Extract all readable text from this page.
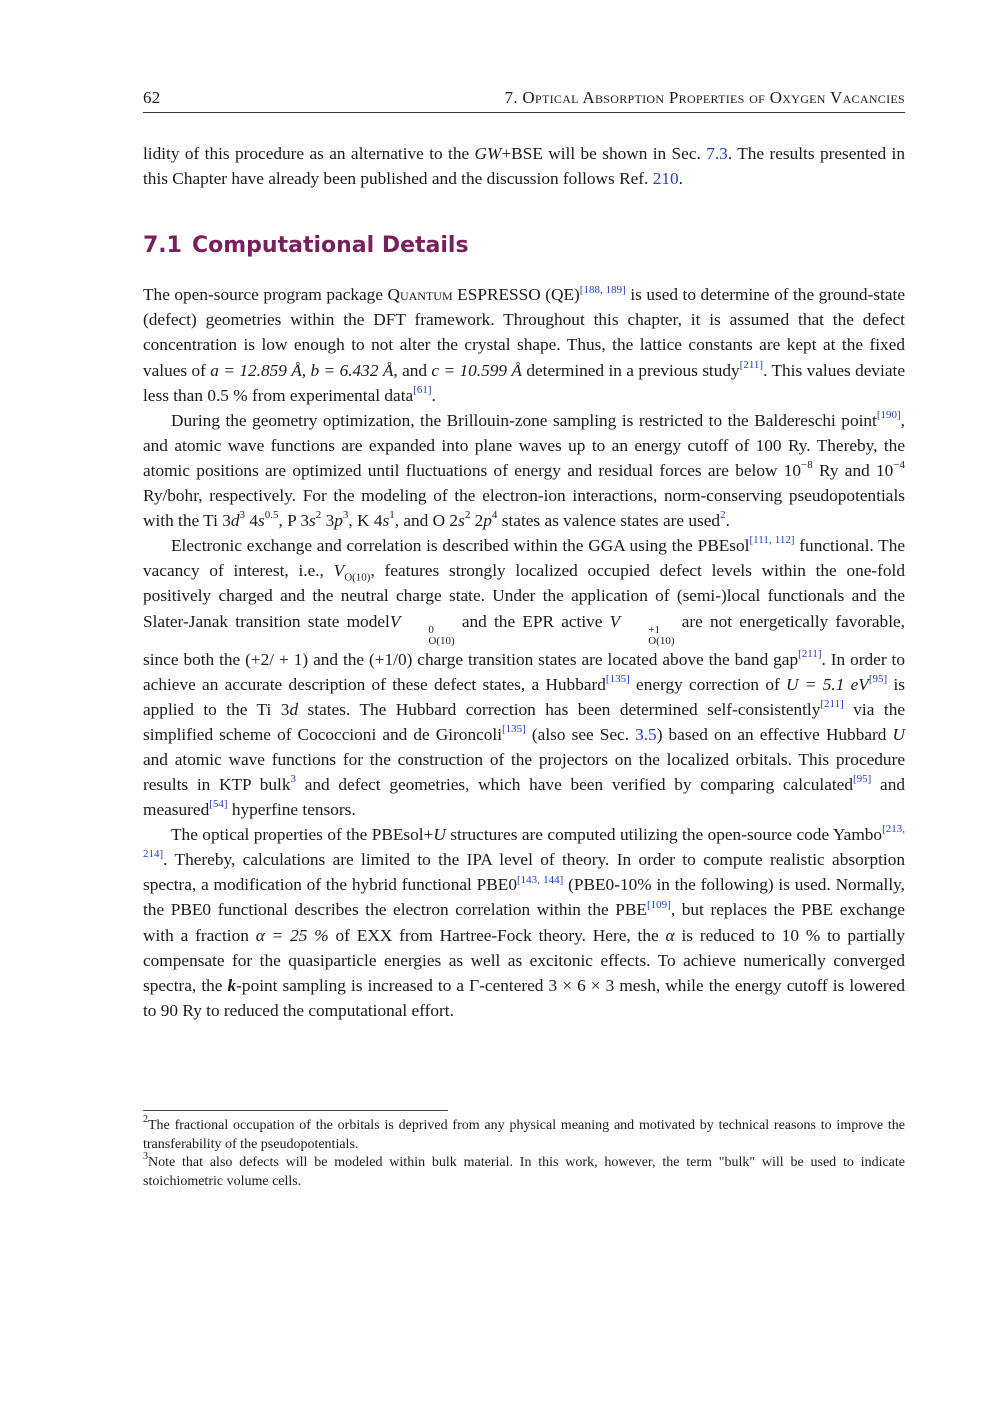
62	7. Optical Absorption Properties of Oxygen Vacancies

lidity of this procedure as an alternative to the GW+BSE will be shown in Sec. 7.3. The results presented in this Chapter have already been published and the discussion follows Ref. 210.

7.1 Computational Details

The open-source program package Quantum ESPRESSO (QE)[188, 189] is used to determine of the ground-state (defect) geometries within the DFT framework. Throughout this chapter, it is assumed that the defect concentration is low enough to not alter the crystal shape. Thus, the lattice constants are kept at the fixed values of a = 12.859 Å, b = 6.432 Å, and c = 10.599 Å determined in a previous study[211]. This values deviate less than 0.5 % from experimental data[61].

During the geometry optimization, the Brillouin-zone sampling is restricted to the Baldereschi point[190], and atomic wave functions are expanded into plane waves up to an energy cutoff of 100 Ry. Thereby, the atomic positions are optimized until fluctuations of energy and residual forces are below $10^{-8}$ Ry and $10^{-4}$ Ry/bohr, respectively. For the modeling of the electron-ion interactions, norm-conserving pseudopotentials with the Ti $3d^3$ $4s^{0.5}$, P $3s^2$ $3p^3$, K $4s^1$, and O $2s^2$ $2p^4$ states as valence states are used$^2$.

Electronic exchange and correlation is described within the GGA using the PBEsol[111, 112] functional. The vacancy of interest, i.e., $V_{O(10)}$, features strongly localized occupied defect levels within the one-fold positively charged and the neutral charge state. Under the application of (semi-)local functionals and the Slater-Janak transition state modelV	0
O(10)
and the EPR active V	+1
O(10)
are not energetically favorable, since both the (+2/ + 1) and the (+1/0) charge transition states are located above the band gap[211]. In order to achieve an accurate description of these defect states, a Hubbard[135] energy correction of U = 5.1 eV[95] is applied to the Ti 3d states. The Hubbard correction has been determined self-consistently[211] via the simplified scheme of Cococcioni and de Gironcoli[135] (also see Sec. 3.5) based on an effective Hubbard U and atomic wave functions for the construction of the projectors on the localized orbitals. This procedure results in KTP bulk$^3$ and defect geometries, which have been verified by comparing calculated[95] and measured[54] hyperfine tensors.

The optical properties of the PBEsol+U structures are computed utilizing the open-source code Yambo[213, 214]. Thereby, calculations are limited to the IPA level of theory. In order to compute realistic absorption spectra, a modification of the hybrid functional PBE0[143, 144] (PBE0-10% in the following) is used. Normally, the PBE0 functional describes the electron correlation within the PBE[109], but replaces the PBE exchange with a fraction α = 25 % of EXX from Hartree-Fock theory. Here, the α is reduced to 10 % to partially compensate for the quasiparticle energies as well as excitonic effects. To achieve numerically converged spectra, the k-point sampling is increased to a Γ-centered 3 × 6 × 3 mesh, while the energy cutoff is lowered to 90 Ry to reduced the computational effort.

$^2$The fractional occupation of the orbitals is deprived from any physical meaning and motivated by technical reasons to improve the transferability of the pseudopotentials.

$^3$Note that also defects will be modeled within bulk material. In this work, however, the term "bulk" will be used to indicate stoichiometric volume cells.
